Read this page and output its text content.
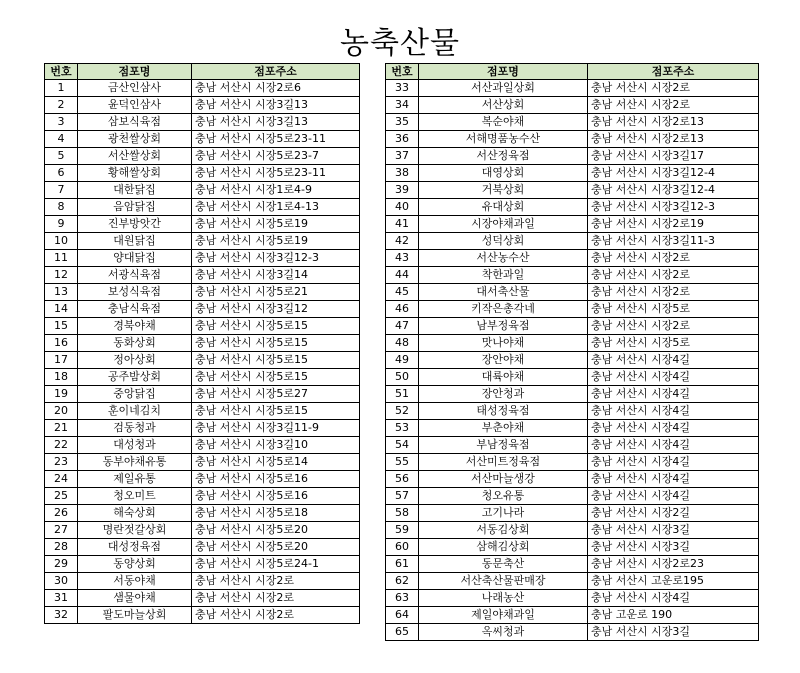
농축산물
번호	점포명	점포주소
1	금산인삼사	충남 서산시 시장2로6
2	윤덕인삼사	충남 서산시 시장3길13
3	삼보식육점	충남 서산시 시장3길13
4	광천쌀상회	충남 서산시 시장5로23-11
5	서산쌀상회	충남 서산시 시장5로23-7
6	황해쌀상회	충남 서산시 시장5로23-11
7	대한닭집	충남 서산시 시장1로4-9
8	음암닭집	충남 서산시 시장1로4-13
9	진부방앗간	충남 서산시 시장5로19
10	대원닭집	충남 서산시 시장5로19
11	양대닭집	충남 서산시 시장3길12-3
12	서광식육점	충남 서산시 시장3길14
13	보성식육점	충남 서산시 시장5로21
14	충남식육점	충남 서산시 시장3길12
15	경북야채	충남 서산시 시장5로15
16	동화상회	충남 서산시 시장5로15
17	정아상회	충남 서산시 시장5로15
18	공주밤상회	충남 서산시 시장5로15
19	중앙닭집	충남 서산시 시장5로27
20	훈이네김치	충남 서산시 시장5로15
21	검동청과	충남 서산시 시장3길11-9
22	대성청과	충남 서산시 시장3길10
23	동부야채유통	충남 서산시 시장5로14
24	제일유통	충남 서산시 시장5로16
25	청오미트	충남 서산시 시장5로16
26	해숙상회	충남 서산시 시장5로18
27	명란젓갈상회	충남 서산시 시장5로20
28	대성정육점	충남 서산시 시장5로20
29	동양상회	충남 서산시 시장5로24-1
30	서동야채	충남 서산시 시장2로
31	샘물야채	충남 서산시 시장2로
32	팔도마늘상회	충남 서산시 시장2로
번호	점포명	점포주소
33	서산과일상회	충남 서산시 시장2로
34	서산상회	충남 서산시 시장2로
35	복순야채	충남 서산시 시장2로13
36	서해명품농수산	충남 서산시 시장2로13
37	서산정육점	충남 서산시 시장3길17
38	대영상회	충남 서산시 시장3길12-4
39	거북상회	충남 서산시 시장3길12-4
40	유대상회	충남 서산시 시장3길12-3
41	시장야채과일	충남 서산시 시장2로19
42	성덕상회	충남 서산시 시장3길11-3
43	서산농수산	충남 서산시 시장2로
44	착한과일	충남 서산시 시장2로
45	대서축산물	충남 서산시 시장2로
46	키작은총각네	충남 서산시 시장5로
47	남부정육점	충남 서산시 시장2로
48	맛나야채	충남 서산시 시장5로
49	장안야채	충남 서산시 시장4길
50	대륙야채	충남 서산시 시장4길
51	장안청과	충남 서산시 시장4길
52	태성정육점	충남 서산시 시장4길
53	부춘야채	충남 서산시 시장4길
54	부남정육점	충남 서산시 시장4길
55	서산미트정육점	충남 서산시 시장4길
56	서산마늘생강	충남 서산시 시장4길
57	청오유통	충남 서산시 시장4길
58	고기나라	충남 서산시 시장2길
59	서동김상회	충남 서산시 시장3길
60	삼해김상회	충남 서산시 시장3길
61	동문축산	충남 서산시 시장2로23
62	서산축산물판매장	충남 서산시 고운로195
63	나래농산	충남 서산시 시장4길
64	제일야채과일	충남 고운로 190
65	옥씨청과	충남 서산시 시장3길
